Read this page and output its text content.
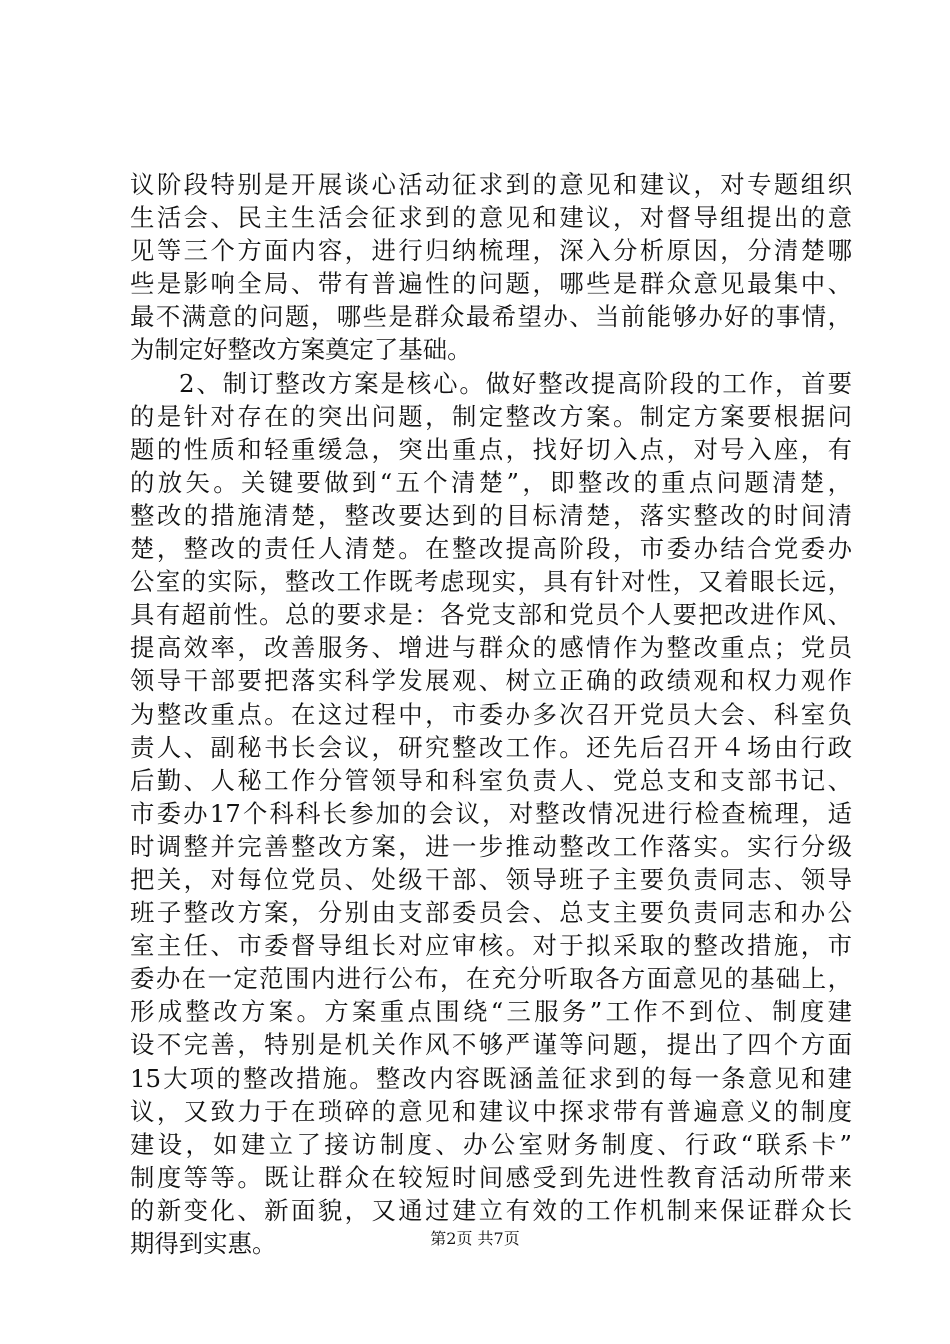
议阶段特别是开展谈心活动征求到的意见和建议，对专题组织
生活会、民主生活会征求到的意见和建议，对督导组提出的意
见等三个方面内容，进行归纳梳理，深入分析原因，分清楚哪
些是影响全局、带有普遍性的问题，哪些是群众意见最集中、
最不满意的问题，哪些是群众最希望办、当前能够办好的事情，
为制定好整改方案奠定了基础。
2、制订整改方案是核心。做好整改提高阶段的工作，首要
的是针对存在的突出问题，制定整改方案。制定方案要根据问
题的性质和轻重缓急，突出重点，找好切入点，对号入座，有
的放矢。关键要做到“五个清楚”，即整改的重点问题清楚，
整改的措施清楚，整改要达到的目标清楚，落实整改的时间清
楚，整改的责任人清楚。在整改提高阶段，市委办结合党委办
公室的实际，整改工作既考虑现实，具有针对性，又着眼长远，
具有超前性。总的要求是：各党支部和党员个人要把改进作风、
提高效率，改善服务、增进与群众的感情作为整改重点；党员
领导干部要把落实科学发展观、树立正确的政绩观和权力观作
为整改重点。在这过程中，市委办多次召开党员大会、科室负
责人、副秘书长会议，研究整改工作。还先后召开４场由行政
后勤、人秘工作分管领导和科室负责人、党总支和支部书记、
市委办17个科科长参加的会议，对整改情况进行检查梳理，适
时调整并完善整改方案，进一步推动整改工作落实。实行分级
把关，对每位党员、处级干部、领导班子主要负责同志、领导
班子整改方案，分别由支部委员会、总支主要负责同志和办公
室主任、市委督导组长对应审核。对于拟采取的整改措施，市
委办在一定范围内进行公布，在充分听取各方面意见的基础上，
形成整改方案。方案重点围绕“三服务”工作不到位、制度建
设不完善，特别是机关作风不够严谨等问题，提出了四个方面
15大项的整改措施。整改内容既涵盖征求到的每一条意见和建
议，又致力于在琐碎的意见和建议中探求带有普遍意义的制度
建设，如建立了接访制度、办公室财务制度、行政“联系卡”
制度等等。既让群众在较短时间感受到先进性教育活动所带来
的新变化、新面貌，又通过建立有效的工作机制来保证群众长
期得到实惠。	第2页 共7页
